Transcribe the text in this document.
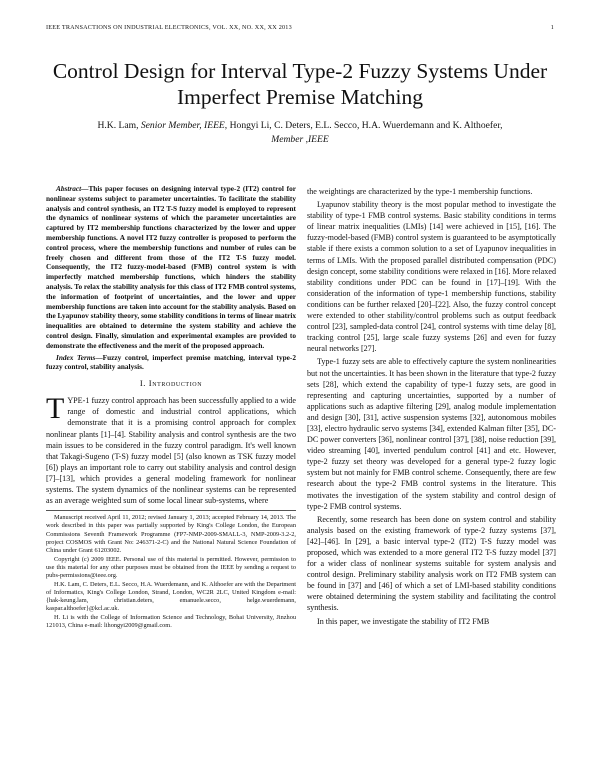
IEEE TRANSACTIONS ON INDUSTRIAL ELECTRONICS, VOL. XX, NO. XX, XX 2013	1
Control Design for Interval Type-2 Fuzzy Systems Under Imperfect Premise Matching
H.K. Lam, Senior Member, IEEE, Hongyi Li, C. Deters, E.L. Secco, H.A. Wuerdemann and K. Althoefer,
Member ,IEEE

Abstract—This paper focuses on designing interval type-2 (IT2) control for nonlinear systems subject to parameter uncertainties. To facilitate the stability analysis and control synthesis, an IT2 T-S fuzzy model is employed to represent the dynamics of nonlinear systems of which the parameter uncertainties are captured by IT2 membership functions characterized by the lower and upper membership functions. A novel IT2 fuzzy controller is proposed to perform the control process, where the membership functions and number of rules can be freely chosen and different from those of the IT2 T-S fuzzy model. Consequently, the IT2 fuzzy-model-based (FMB) control system is with imperfectly matched membership functions, which hinders the stability analysis. To relax the stability analysis for this class of IT2 FMB control systems, the information of footprint of uncertainties, and the lower and upper membership functions are taken into account for the stability analysis. Based on the Lyapunov stability theory, some stability conditions in terms of linear matrix inequalities are obtained to determine the system stability and achieve the control design. Finally, simulation and experimental examples are provided to demonstrate the effectiveness and the merit of the proposed approach.

Index Terms—Fuzzy control, imperfect premise matching, interval type-2 fuzzy control, stability analysis.

I. Introduction

TYPE-1 fuzzy control approach has been successfully applied to a wide range of domestic and industrial control applications, which demonstrate that it is a promising control approach for complex nonlinear plants [1]–[4]. Stability analysis and control synthesis are the two main issues to be considered in the fuzzy control paradigm. It's well known that Takagi-Sugeno (T-S) fuzzy model [5] (also known as TSK fuzzy model [6]) plays an important role to carry out stability analysis and control design [7]–[13], which provides a general modeling framework for nonlinear systems. The system dynamics of the nonlinear systems can be represented as an average weighted sum of some local linear sub-systems, where

Manuscript received April 11, 2012; revised January 1, 2013; accepted February 14, 2013. The work described in this paper was partially supported by King's College London, the European Commissions Seventh Framework Programme (FP7-NMP-2009-SMALL-3, NMP-2009-3.2-2, project COSMOS with Grant No: 246371-2-C) and the National Natural Science Foundation of China under Grant 61203002.

Copyright (c) 2009 IEEE. Personal use of this material is permitted. However, permission to use this material for any other purposes must be obtained from the IEEE by sending a request to pubs-permissions@ieee.org.

H.K. Lam, C. Deters, E.L. Secco, H.A. Wuerdemann, and K. Althoefer are with the Department of Informatics, King's College London, Strand, London, WC2R 2LC, United Kingdom e-mail: {hak-keung.lam, christian.deters, emanuele.secco, helge.wuerdemann, kaspar.althoefer}@kcl.ac.uk.

H. Li is with the College of Information Science and Technology, Bohai University, Jinzhou 121013, China e-mail: lihongyi2009@gmail.com.

the weightings are characterized by the type-1 membership functions.

Lyapunov stability theory is the most popular method to investigate the stability of type-1 FMB control systems. Basic stability conditions in terms of linear matrix inequalities (LMIs) [14] were achieved in [15], [16]. The fuzzy-model-based (FMB) control system is guaranteed to be asymptotically stable if there exists a common solution to a set of Lyapunov inequalities in terms of LMIs. With the proposed parallel distributed compensation (PDC) design concept, some stability conditions were relaxed in [16]. More relaxed stability conditions under PDC can be found in [17]–[19]. With the consideration of the information of type-1 membership functions, stability conditions can be further relaxed [20]–[22]. Also, the fuzzy control concept were extended to other stability/control problems such as output feedback control [23], sampled-data control [24], control systems with time delay [8], tracking control [25], large scale fuzzy systems [26] and even for fuzzy neural networks [27].

Type-1 fuzzy sets are able to effectively capture the system nonlinearities but not the uncertainties. It has been shown in the literature that type-2 fuzzy sets [28], which extend the capability of type-1 fuzzy sets, are good in representing and capturing uncertainties, supported by a number of applications such as adaptive filtering [29], analog module implementation and design [30], [31], active suspension systems [32], autonomous mobiles [33], electro hydraulic servo systems [34], extended Kalman filter [35], DC-DC power converters [36], nonlinear control [37], [38], noise reduction [39], video streaming [40], inverted pendulum control [41] and etc. However, type-2 fuzzy set theory was developed for a general type-2 fuzzy logic system but not mainly for FMB control scheme. Consequently, there are few research about the type-2 FMB control systems in the literature. This motivates the investigation of the system stability and control design of type-2 FMB control systems.

Recently, some research has been done on system control and stability analysis based on the existing framework of type-2 fuzzy systems [37], [42]–[46]. In [29], a basic interval type-2 (IT2) T-S fuzzy model was proposed, which was extended to a more general IT2 T-S fuzzy model [37] for a wider class of nonlinear systems suitable for system analysis and control design. Preliminary stability analysis work on IT2 FMB system can be found in [37] and [46] of which a set of LMI-based stability conditions were obtained determining the system stability and facilitating the control synthesis.

In this paper, we investigate the stability of IT2 FMB
